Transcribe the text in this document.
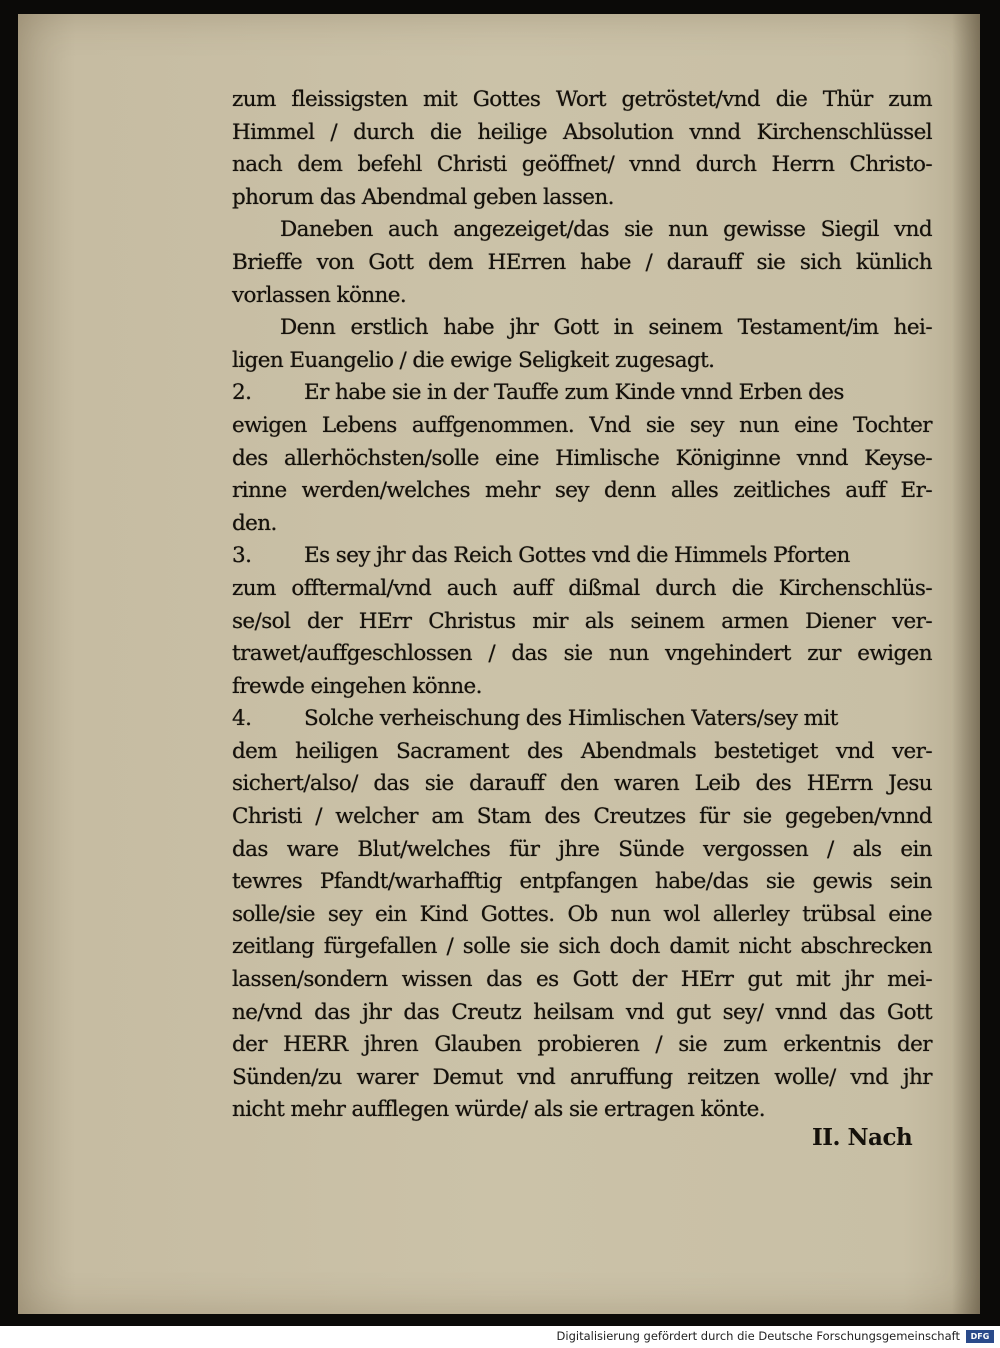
zum fleissigsten mit Gottes Wort getröstet/vnd die Thür zum
Himmel / durch die heilige Absolution vnnd Kirchenschlüssel
nach dem befehl Christi geöffnet/ vnnd durch Herrn Christo-
phorum das Abendmal geben lassen.
Daneben auch angezeiget/das sie nun gewisse Siegil vnd
Brieffe von Gott dem HErren habe / darauff sie sich künlich
vorlassen könne.
Denn erstlich habe jhr Gott in seinem Testament/im hei-
ligen Euangelio / die ewige Seligkeit zugesagt.
2. Er habe sie in der Tauffe zum Kinde vnnd Erben des
ewigen Lebens auffgenommen. Vnd sie sey nun eine Tochter
des allerhöchsten/solle eine Himlische Königinne vnnd Keyse-
rinne werden/welches mehr sey denn alles zeitliches auff Er-
den.
3. Es sey jhr das Reich Gottes vnd die Himmels Pforten
zum offtermal/vnd auch auff dißmal durch die Kirchenschlüs-
se/sol der HErr Christus mir als seinem armen Diener ver-
trawet/auffgeschlossen / das sie nun vngehindert zur ewigen
frewde eingehen könne.
4. Solche verheischung des Himlischen Vaters/sey mit
dem heiligen Sacrament des Abendmals bestetiget vnd ver-
sichert/also/ das sie darauff den waren Leib des HErrn Jesu
Christi / welcher am Stam des Creutzes für sie gegeben/vnnd
das ware Blut/welches für jhre Sünde vergossen / als ein
tewres Pfandt/warhafftig entpfangen habe/das sie gewis sein
solle/sie sey ein Kind Gottes. Ob nun wol allerley trübsal eine
zeitlang fürgefallen / solle sie sich doch damit nicht abschrecken
lassen/sondern wissen das es Gott der HErr gut mit jhr mei-
ne/vnd das jhr das Creutz heilsam vnd gut sey/ vnnd das Gott
der HERR jhren Glauben probieren / sie zum erkentnis der
Sünden/zu warer Demut vnd anruffung reitzen wolle/ vnd jhr
nicht mehr aufflegen würde/ als sie ertragen könte.
II. Nach
Digitalisierung gefördert durch die Deutsche Forschungsgemeinschaft	DFG
